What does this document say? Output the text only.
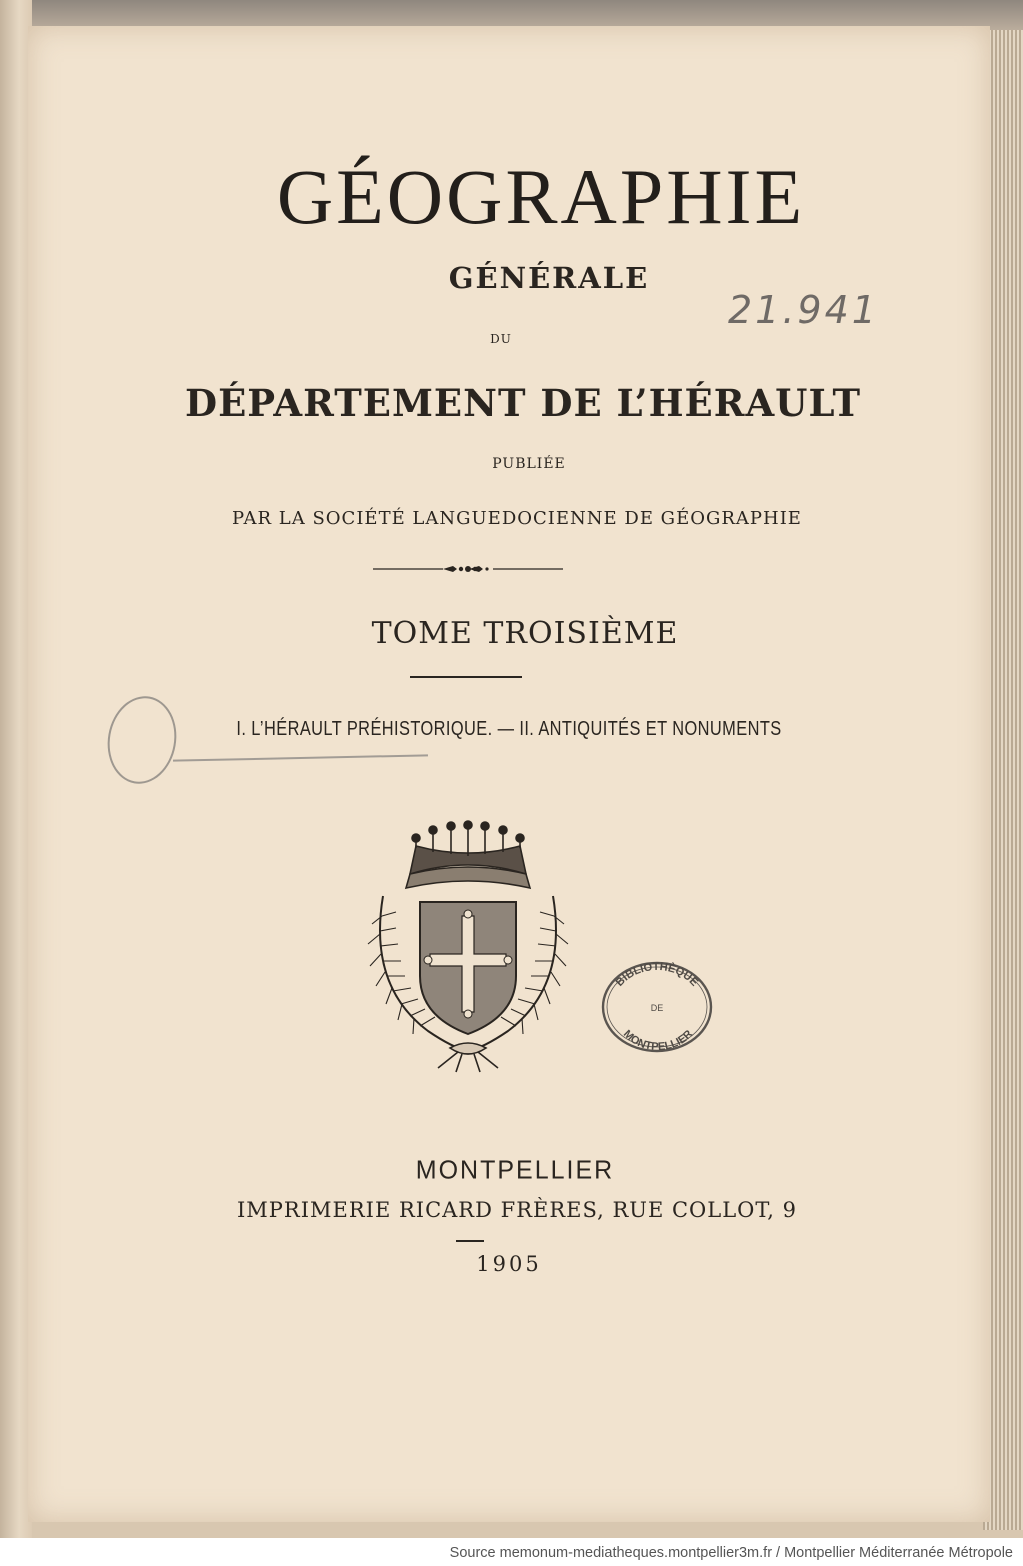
GÉOGRAPHIE
GÉNÉRALE
DU
DÉPARTEMENT DE L’HÉRAULT
PUBLIÉE
PAR LA SOCIÉTÉ LANGUEDOCIENNE DE GÉOGRAPHIE
TOME TROISIÈME
I. L’HÉRAULT PRÉHISTORIQUE. — II. ANTIQUITÉS ET NONUMENTS
21.941
BIBLIOTHÈQUE
DE
MONTPELLIER
MONTPELLIER
IMPRIMERIE RICARD FRÈRES, RUE COLLOT, 9
1905
Source memonum-mediatheques.montpellier3m.fr / Montpellier Méditerranée Métropole
